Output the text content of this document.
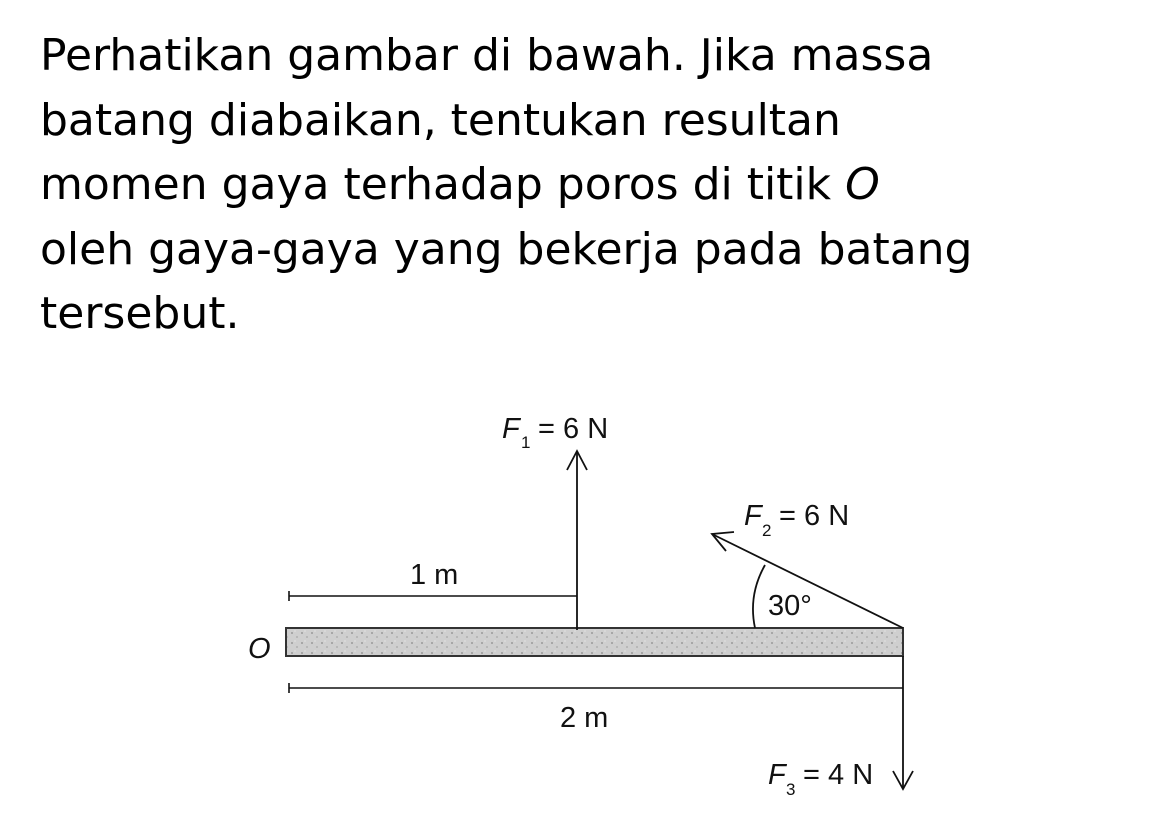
Perhatikan gambar di bawah. Jika massa
batang diabaikan, tentukan resultan
momen gaya terhadap poros di titik O
oleh gaya-gaya yang bekerja pada batang
tersebut.
O
1 m
2 m
F 1 = 6 N
30°
F 2 = 6 N
F 3 = 4 N
